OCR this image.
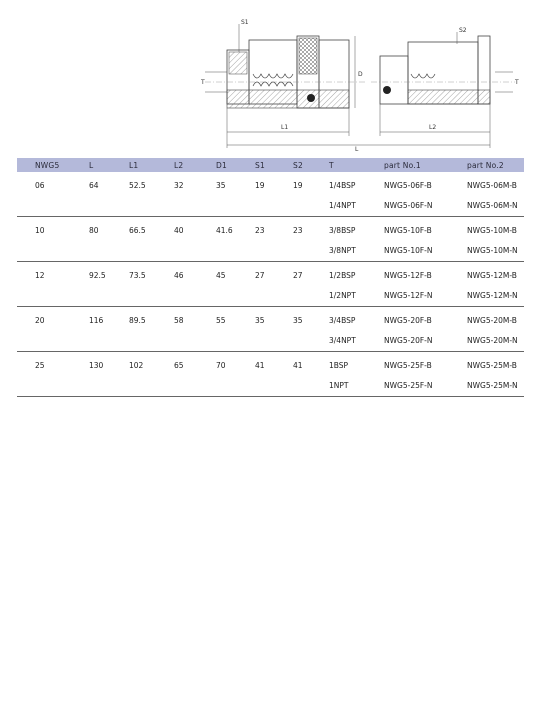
S1
S2
D
L1	L2
L
T	T
NWG5	L	L1	L2	D1	S1	S2	T	part No.1	part No.2
06	64	52.5	32	35	19	19	1/4BSP	NWG5-06F-B	NWG5-06M-B
							1/4NPT	NWG5-06F-N	NWG5-06M-N
10	80	66.5	40	41.6	23	23	3/8BSP	NWG5-10F-B	NWG5-10M-B
							3/8NPT	NWG5-10F-N	NWG5-10M-N
12	92.5	73.5	46	45	27	27	1/2BSP	NWG5-12F-B	NWG5-12M-B
							1/2NPT	NWG5-12F-N	NWG5-12M-N
20	116	89.5	58	55	35	35	3/4BSP	NWG5-20F-B	NWG5-20M-B
							3/4NPT	NWG5-20F-N	NWG5-20M-N
25	130	102	65	70	41	41	1BSP	NWG5-25F-B	NWG5-25M-B
							1NPT	NWG5-25F-N	NWG5-25M-N
